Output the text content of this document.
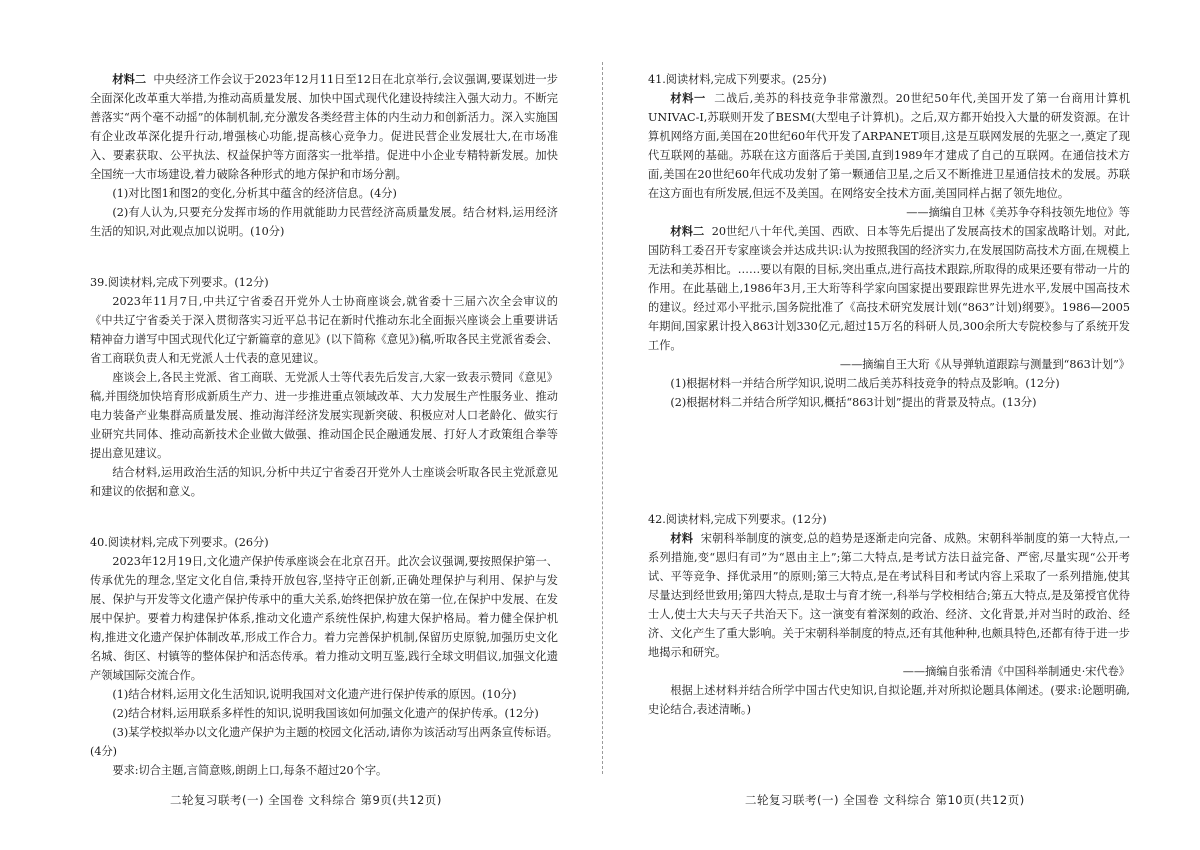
材料二 中央经济工作会议于2023年12月11日至12日在北京举行,会议强调,要谋划进一步全面深化改革重大举措,为推动高质量发展、加快中国式现代化建设持续注入强大动力。不断完善落实“两个毫不动摇”的体制机制,充分激发各类经营主体的内生动力和创新活力。深入实施国有企业改革深化提升行动,增强核心功能,提高核心竞争力。促进民营企业发展壮大,在市场准入、要素获取、公平执法、权益保护等方面落实一批举措。促进中小企业专精特新发展。加快全国统一大市场建设,着力破除各种形式的地方保护和市场分割。

(1)对比图1和图2的变化,分析其中蕴含的经济信息。(4分)

(2)有人认为,只要充分发挥市场的作用就能助力民营经济高质量发展。结合材料,运用经济生活的知识,对此观点加以说明。(10分)

39.阅读材料,完成下列要求。(12分)

2023年11月7日,中共辽宁省委召开党外人士协商座谈会,就省委十三届六次全会审议的《中共辽宁省委关于深入贯彻落实习近平总书记在新时代推动东北全面振兴座谈会上重要讲话精神奋力谱写中国式现代化辽宁新篇章的意见》(以下简称《意见》)稿,听取各民主党派省委会、省工商联负责人和无党派人士代表的意见建议。

座谈会上,各民主党派、省工商联、无党派人士等代表先后发言,大家一致表示赞同《意见》稿,并围绕加快培育形成新质生产力、进一步推进重点领域改革、大力发展生产性服务业、推动电力装备产业集群高质量发展、推动海洋经济发展实现新突破、积极应对人口老龄化、做实行业研究共同体、推动高新技术企业做大做强、推动国企民企融通发展、打好人才政策组合拳等提出意见建议。

结合材料,运用政治生活的知识,分析中共辽宁省委召开党外人士座谈会听取各民主党派意见和建议的依据和意义。

40.阅读材料,完成下列要求。(26分)

2023年12月19日,文化遗产保护传承座谈会在北京召开。此次会议强调,要按照保护第一、传承优先的理念,坚定文化自信,秉持开放包容,坚持守正创新,正确处理保护与利用、保护与发展、保护与开发等文化遗产保护传承中的重大关系,始终把保护放在第一位,在保护中发展、在发展中保护。要着力构建保护体系,推动文化遗产系统性保护,构建大保护格局。着力健全保护机构,推进文化遗产保护体制改革,形成工作合力。着力完善保护机制,保留历史原貌,加强历史文化名城、街区、村镇等的整体保护和活态传承。着力推动文明互鉴,践行全球文明倡议,加强文化遗产领域国际交流合作。

(1)结合材料,运用文化生活知识,说明我国对文化遗产进行保护传承的原因。(10分)

(2)结合材料,运用联系多样性的知识,说明我国该如何加强文化遗产的保护传承。(12分)

(3)某学校拟举办以文化遗产保护为主题的校园文化活动,请你为该活动写出两条宣传标语。(4分)

要求:切合主题,言简意赅,朗朗上口,每条不超过20个字。

41.阅读材料,完成下列要求。(25分)

材料一 二战后,美苏的科技竞争非常激烈。20世纪50年代,美国开发了第一台商用计算机UNIVAC-I,苏联则开发了BESM(大型电子计算机)。之后,双方都开始投入大量的研发资源。在计算机网络方面,美国在20世纪60年代开发了ARPANET项目,这是互联网发展的先驱之一,奠定了现代互联网的基础。苏联在这方面落后于美国,直到1989年才建成了自己的互联网。在通信技术方面,美国在20世纪60年代成功发射了第一颗通信卫星,之后又不断推进卫星通信技术的发展。苏联在这方面也有所发展,但远不及美国。在网络安全技术方面,美国同样占据了领先地位。

——摘编自卫林《美苏争夺科技领先地位》等

材料二 20世纪八十年代,美国、西欧、日本等先后提出了发展高技术的国家战略计划。对此,国防科工委召开专家座谈会并达成共识:认为按照我国的经济实力,在发展国防高技术方面,在规模上无法和美苏相比。……要以有限的目标,突出重点,进行高技术跟踪,所取得的成果还要有带动一片的作用。在此基础上,1986年3月,王大珩等科学家向国家提出要跟踪世界先进水平,发展中国高技术的建议。经过邓小平批示,国务院批准了《高技术研究发展计划(“863”计划)纲要》。1986—2005年期间,国家累计投入863计划330亿元,超过15万名的科研人员,300余所大专院校参与了系统开发工作。

——摘编自王大珩《从导弹轨道跟踪与测量到“863计划”》

(1)根据材料一并结合所学知识,说明二战后美苏科技竞争的特点及影响。(12分)

(2)根据材料二并结合所学知识,概括“863计划”提出的背景及特点。(13分)

42.阅读材料,完成下列要求。(12分)

材料 宋朝科举制度的演变,总的趋势是逐渐走向完备、成熟。宋朝科举制度的第一大特点,一系列措施,变“恩归有司”为“恩由主上”;第二大特点,是考试方法日益完备、严密,尽量实现“公开考试、平等竞争、择优录用”的原则;第三大特点,是在考试科目和考试内容上采取了一系列措施,使其尽量达到经世致用;第四大特点,是取士与育才统一,科举与学校相结合;第五大特点,是及第授官优待士人,使士大夫与天子共治天下。这一演变有着深刻的政治、经济、文化背景,并对当时的政治、经济、文化产生了重大影响。关于宋朝科举制度的特点,还有其他种种,也颇具特色,还都有待于进一步地揭示和研究。

——摘编自张希清《中国科举制通史·宋代卷》

根据上述材料并结合所学中国古代史知识,自拟论题,并对所拟论题具体阐述。(要求:论题明确,史论结合,表述清晰。)

二轮复习联考(一) 全国卷 文科综合 第9页(共12页)	二轮复习联考(一) 全国卷 文科综合 第10页(共12页)
